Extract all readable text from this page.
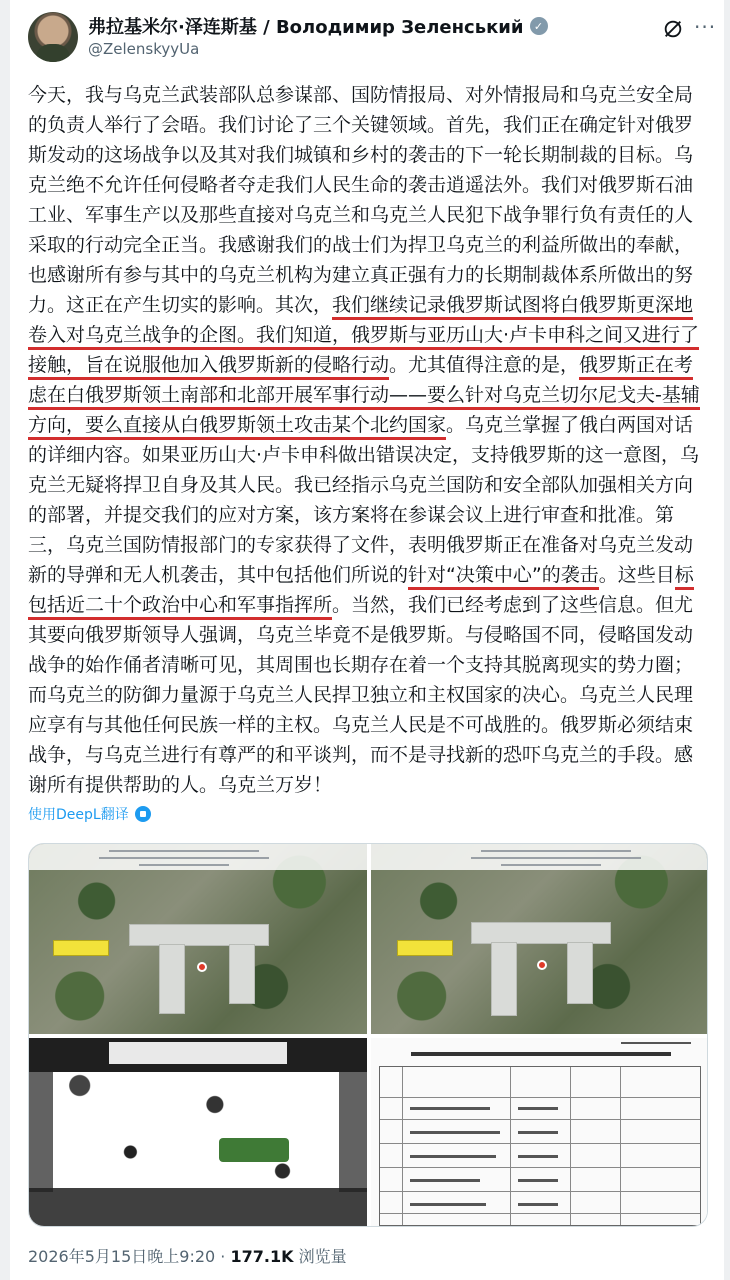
弗拉基米尔·泽连斯基 / Володимир Зеленський ✓
@ZelenskyyUa
···
今天，我与乌克兰武装部队总参谋部、国防情报局、对外情报局和乌克兰安全局的负责人举行了会晤。我们讨论了三个关键领域。首先，我们正在确定针对俄罗斯发动的这场战争以及其对我们城镇和乡村的袭击的下一轮长期制裁的目标。乌克兰绝不允许任何侵略者夺走我们人民生命的袭击逍遥法外。我们对俄罗斯石油工业、军事生产以及那些直接对乌克兰和乌克兰人民犯下战争罪行负有责任的人采取的行动完全正当。我感谢我们的战士们为捍卫乌克兰的利益所做出的奉献，也感谢所有参与其中的乌克兰机构为建立真正强有力的长期制裁体系所做出的努力。这正在产生切实的影响。其次，我们继续记录俄罗斯试图将白俄罗斯更深地卷入对乌克兰战争的企图。我们知道，俄罗斯与亚历山大·卢卡申科之间又进行了接触，旨在说服他加入俄罗斯新的侵略行动。尤其值得注意的是，俄罗斯正在考虑在白俄罗斯领土南部和北部开展军事行动——要么针对乌克兰切尔尼戈夫-基辅方向，要么直接从白俄罗斯领土攻击某个北约国家。乌克兰掌握了俄白两国对话的详细内容。如果亚历山大·卢卡申科做出错误决定，支持俄罗斯的这一意图，乌克兰无疑将捍卫自身及其人民。我已经指示乌克兰国防和安全部队加强相关方向的部署，并提交我们的应对方案，该方案将在参谋会议上进行审查和批准。第三，乌克兰国防情报部门的专家获得了文件，表明俄罗斯正在准备对乌克兰发动新的导弹和无人机袭击，其中包括他们所说的针对“决策中心”的袭击。这些目标包括近二十个政治中心和军事指挥所。当然，我们已经考虑到了这些信息。但尤其要向俄罗斯领导人强调，乌克兰毕竟不是俄罗斯。与侵略国不同，侵略国发动战争的始作俑者清晰可见，其周围也长期存在着一个支持其脱离现实的势力圈；而乌克兰的防御力量源于乌克兰人民捍卫独立和主权国家的决心。乌克兰人民理应享有与其他任何民族一样的主权。乌克兰人民是不可战胜的。俄罗斯必须结束战争，与乌克兰进行有尊严的和平谈判，而不是寻找新的恐吓乌克兰的手段。感谢所有提供帮助的人。乌克兰万岁！
使用DeepL翻译
2026年5月15日晚上9:20 · 177.1K 浏览量
